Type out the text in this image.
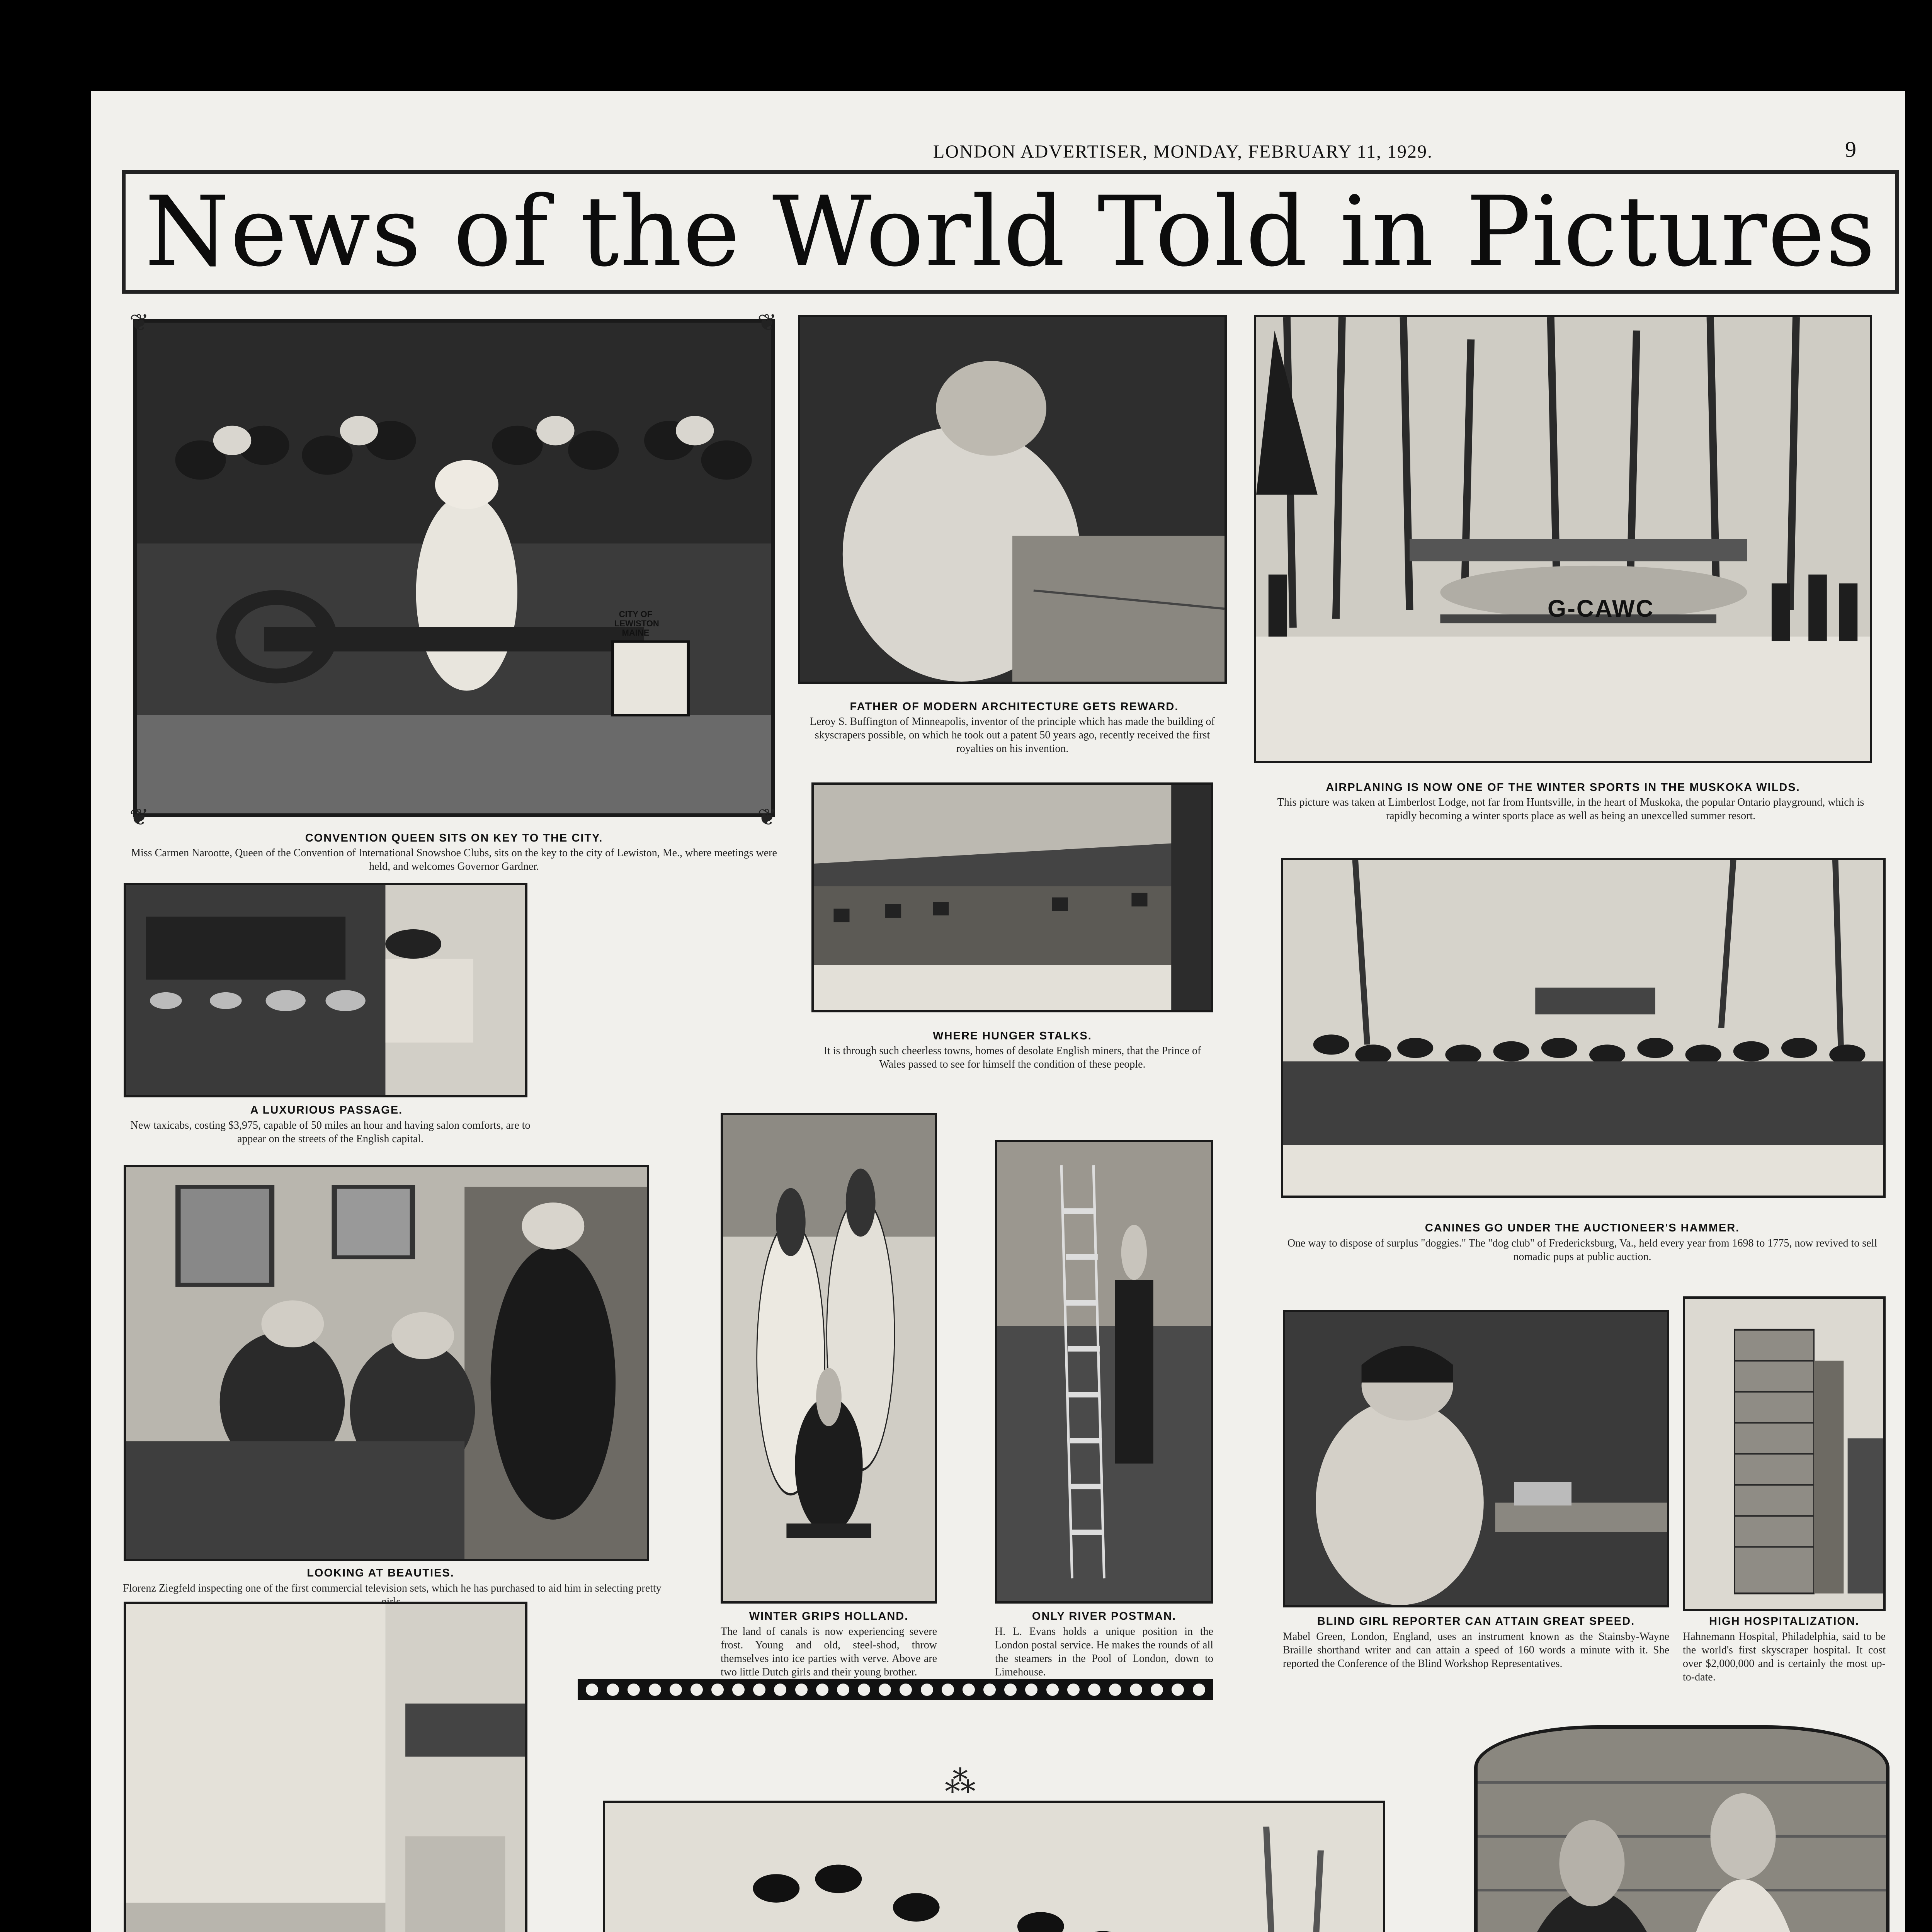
LONDON ADVERTISER, MONDAY, FEBRUARY 11, 1929.	9
News of the World Told in Pictures
CITY OF LEWISTON MAINE
❦	❦
❦	❦
CONVENTION QUEEN SITS ON KEY TO THE CITY.
Miss Carmen Narootte, Queen of the Convention of International Snowshoe Clubs, sits on the key to the city of Lewiston, Me., where meetings were held, and welcomes Governor Gardner.
FATHER OF MODERN ARCHITECTURE GETS REWARD.
Leroy S. Buffington of Minneapolis, inventor of the principle which has made the building of skyscrapers possible, on which he took out a patent 50 years ago, recently received the first royalties on his invention.
G-CAWC
AIRPLANING IS NOW ONE OF THE WINTER SPORTS IN THE MUSKOKA WILDS.
This picture was taken at Limberlost Lodge, not far from Huntsville, in the heart of Muskoka, the popular Ontario playground, which is rapidly becoming a winter sports place as well as being an unexcelled summer resort.
A LUXURIOUS PASSAGE.
New taxicabs, costing $3,975, capable of 50 miles an hour and having salon comforts, are to appear on the streets of the English capital.
WHERE HUNGER STALKS.
It is through such cheerless towns, homes of desolate English miners, that the Prince of Wales passed to see for himself the condition of these people.
CANINES GO UNDER THE AUCTIONEER'S HAMMER.
One way to dispose of surplus "doggies." The "dog club" of Fredericksburg, Va., held every year from 1698 to 1775, now revived to sell nomadic pups at public auction.
LOOKING AT BEAUTIES.
Florenz Ziegfeld inspecting one of the first commercial television sets, which he has purchased to aid him in selecting pretty
WINTER GRIPS HOLLAND.
The land of canals is now experiencing severe frost. Young and old, steel-shod, throw themselves into ice parties with verve. Above are two little Dutch girls and their young brother.
ONLY RIVER POSTMAN.
H. L. Evans holds a unique position in the London postal service. He makes the rounds of all the steamers in the Pool of London, down to Limehouse.
BLIND GIRL REPORTER CAN ATTAIN GREAT SPEED.
Mabel Green, London, England, uses an instrument known as the Stainsby-Wayne Braille shorthand writer and can attain a speed of 160 words a minute with it. She reported the Conference of the Blind Workshop Representatives.
HIGH HOSPITALIZATION.
Hahnemann Hospital, Philadelphia, said to be the world's first skyscraper hospital. It cost over $2,000,000 and is certainly the most up-to-date.
⁂
